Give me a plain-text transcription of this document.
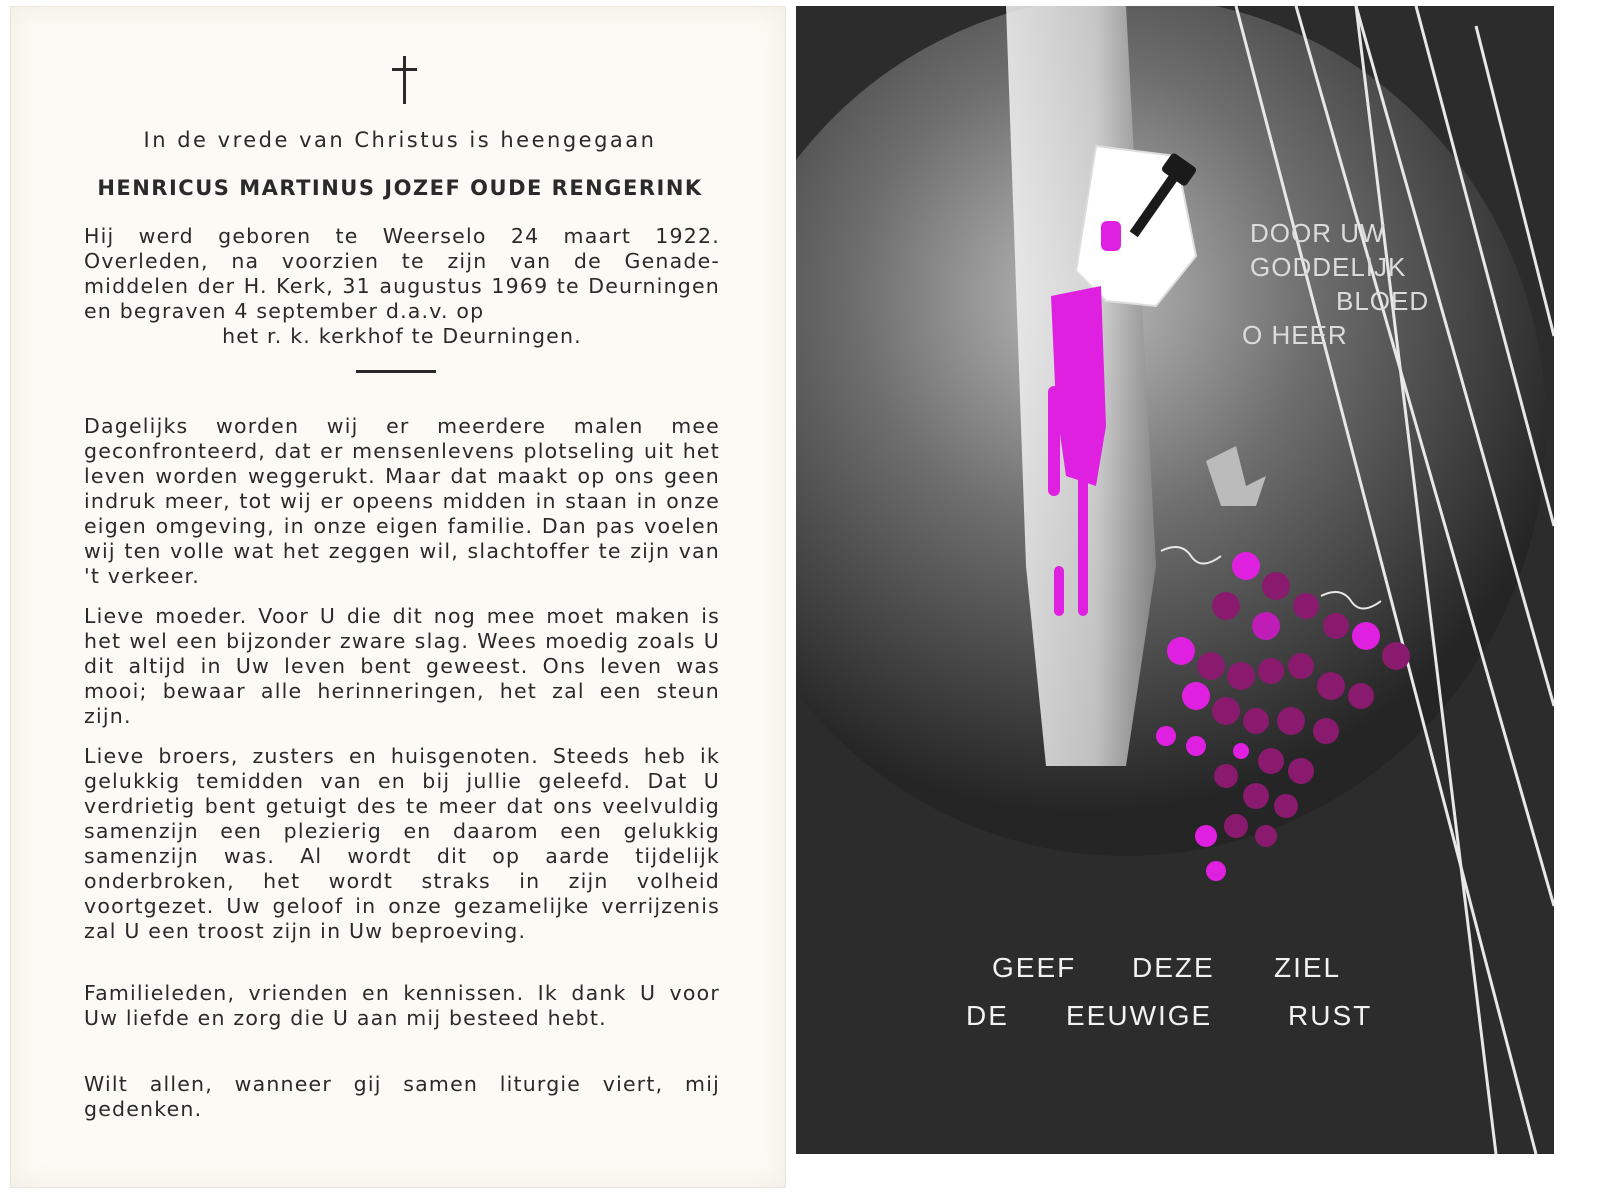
In de vrede van Christus is heengegaan
HENRICUS MARTINUS JOZEF OUDE RENGERINK
Hij werd geboren te Weerselo 24 maart 1922. Overleden, na voorzien te zijn van de Genade-middelen der H. Kerk, 31 augustus 1969 te Deurningen en begraven 4 september d.a.v. op
het r. k. kerkhof te Deurningen.

Dagelijks worden wij er meerdere malen mee geconfronteerd, dat er mensenlevens plotseling uit het leven worden weggerukt. Maar dat maakt op ons geen indruk meer, tot wij er opeens midden in staan in onze eigen omgeving, in onze eigen familie. Dan pas voelen wij ten volle wat het zeggen wil, slachtoffer te zijn van 't verkeer.

Lieve moeder. Voor U die dit nog mee moet maken is het wel een bijzonder zware slag. Wees moedig zoals U dit altijd in Uw leven bent geweest. Ons leven was mooi; bewaar alle herinneringen, het zal een steun zijn.

Lieve broers, zusters en huisgenoten. Steeds heb ik gelukkig temidden van en bij jullie geleefd. Dat U verdrietig bent getuigt des te meer dat ons veelvuldig samenzijn een plezierig en daarom een gelukkig samenzijn was. Al wordt dit op aarde tijdelijk onderbroken, het wordt straks in zijn volheid voortgezet. Uw geloof in onze gezamelijke verrijzenis zal U een troost zijn in Uw beproeving.

Familieleden, vrienden en kennissen. Ik dank U voor Uw liefde en zorg die U aan mij besteed hebt.

Wilt allen, wanneer gij samen liturgie viert, mij gedenken.

DOOR UW
GODDELIJK
BLOED
O HEER
GEEF DEZE ZIEL
DE EEUWIGE	RUST
